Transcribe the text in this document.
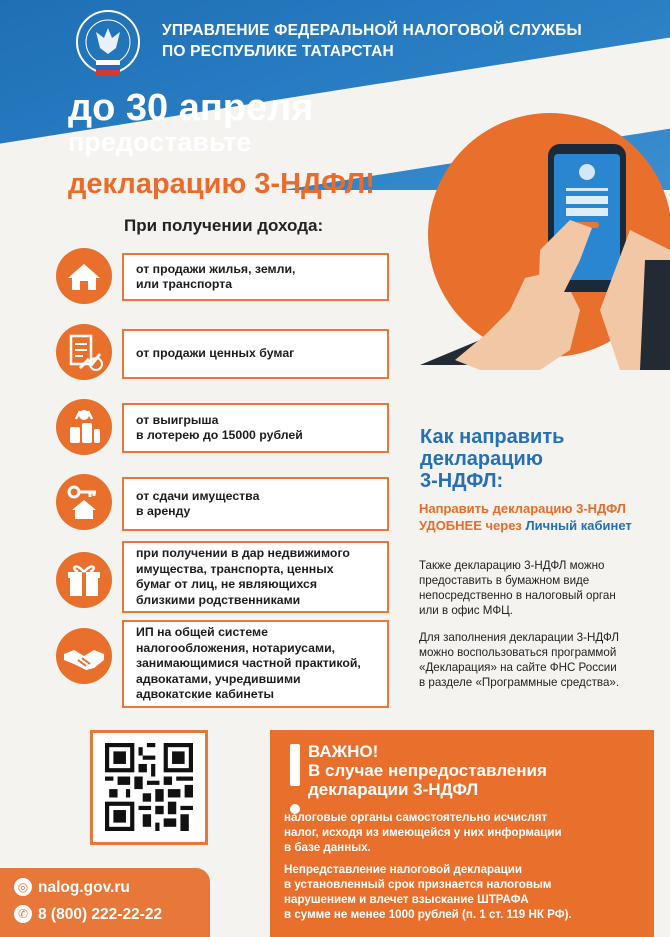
УПРАВЛЕНИЕ ФЕДЕРАЛЬНОЙ НАЛОГОВОЙ СЛУЖБЫ
ПО РЕСПУБЛИКЕ ТАТАРСТАН
до 30 апреля
предоставьте
декларацию 3-НДФЛ!
При получении дохода:
от продажи жилья, земли,
или транспорта
от продажи ценных бумаг
от выигрыша
в лотерею до 15000 рублей
от сдачи имущества
в аренду
при получении в дар недвижимого
имущества, транспорта, ценных
бумаг от лиц, не являющихся
близкими родственниками
ИП на общей системе
налогообложения, нотариусами,
занимающимися частной практикой,
адвокатами, учредившими
адвокатские кабинеты
Как направить
декларацию
3-НДФЛ:
Направить декларацию 3-НДФЛ
УДОБНЕЕ через Личный кабинет
Также декларацию 3-НДФЛ можно
предоставить в бумажном виде
непосредственно в налоговый орган
или в офис МФЦ.
Для заполнения декларации 3-НДФЛ
можно воспользоваться программой
«Декларация» на сайте ФНС России
в разделе «Программные средства».
◎ nalog.gov.ru
✆ 8 (800) 222-22-22
ВАЖНО!
В случае непредоставления
декларации 3-НДФЛ
налоговые органы самостоятельно исчислят
налог, исходя из имеющейся у них информации
в базе данных.
Непредставление налоговой декларации
в установленный срок признается налоговым
нарушением и влечет взыскание ШТРАФА
в сумме не менее 1000 рублей (п. 1 ст. 119 НК РФ).
